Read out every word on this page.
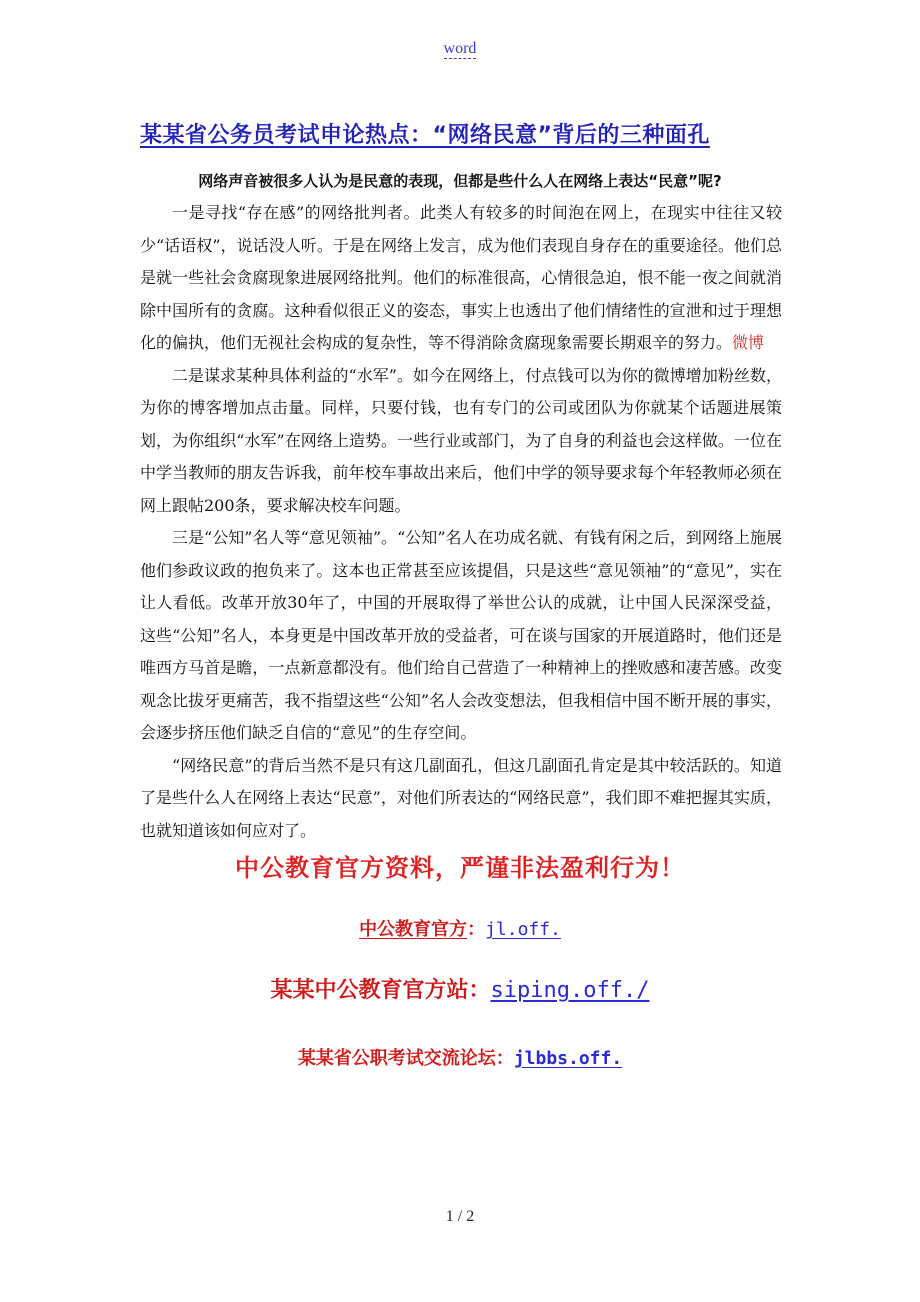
word
某某省公务员考试申论热点：“网络民意”背后的三种面孔
网络声音被很多人认为是民意的表现，但都是些什么人在网络上表达“民意”呢?

一是寻找“存在感”的网络批判者。此类人有较多的时间泡在网上，在现实中往往又较少“话语权”，说话没人听。于是在网络上发言，成为他们表现自身存在的重要途径。他们总是就一些社会贪腐现象进展网络批判。他们的标准很高，心情很急迫，恨不能一夜之间就消除中国所有的贪腐。这种看似很正义的姿态，事实上也透出了他们情绪性的宣泄和过于理想化的偏执，他们无视社会构成的复杂性，等不得消除贪腐现象需要长期艰辛的努力。微博

二是谋求某种具体利益的“水军”。如今在网络上，付点钱可以为你的微博增加粉丝数，为你的博客增加点击量。同样，只要付钱，也有专门的公司或团队为你就某个话题进展策划，为你组织“水军”在网络上造势。一些行业或部门，为了自身的利益也会这样做。一位在中学当教师的朋友告诉我，前年校车事故出来后，他们中学的领导要求每个年轻教师必须在网上跟帖200条，要求解决校车问题。

三是“公知”名人等“意见领袖”。“公知”名人在功成名就、有钱有闲之后，到网络上施展他们参政议政的抱负来了。这本也正常甚至应该提倡，只是这些“意见领袖”的“意见”，实在让人看低。改革开放30年了，中国的开展取得了举世公认的成就，让中国人民深深受益，这些“公知”名人，本身更是中国改革开放的受益者，可在谈与国家的开展道路时，他们还是唯西方马首是瞻，一点新意都没有。他们给自己营造了一种精神上的挫败感和凄苦感。改变观念比拔牙更痛苦，我不指望这些“公知”名人会改变想法，但我相信中国不断开展的事实，会逐步挤压他们缺乏自信的“意见”的生存空间。

“网络民意”的背后当然不是只有这几副面孔，但这几副面孔肯定是其中较活跃的。知道了是些什么人在网络上表达“民意”，对他们所表达的“网络民意”，我们即不难把握其实质，也就知道该如何应对了。

中公教育官方资料，严谨非法盈利行为！
中公教育官方：jl.off.
某某中公教育官方站：siping.off./
某某省公职考试交流论坛：jlbbs.off.
1 / 2
